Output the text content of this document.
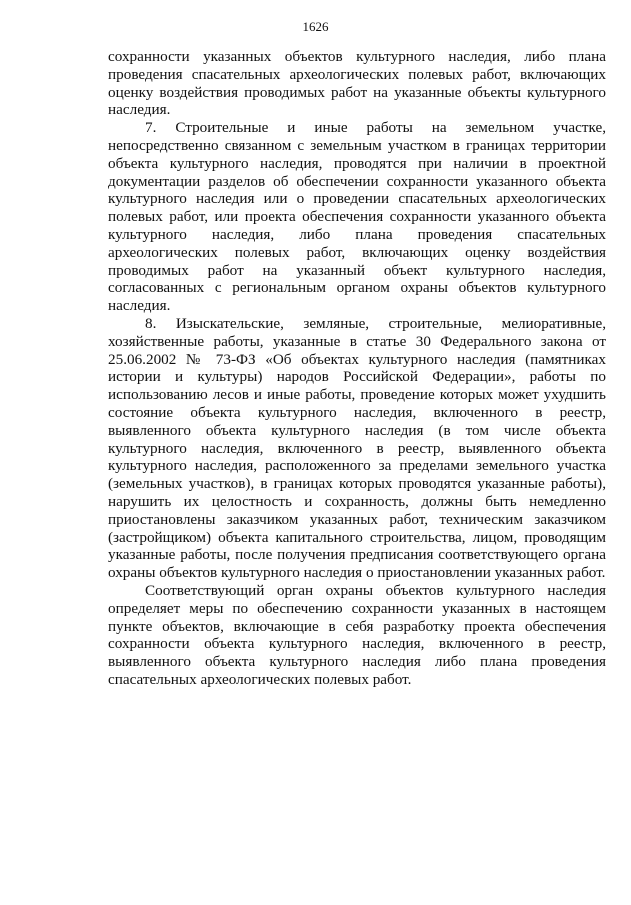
1626

сохранности указанных объектов культурного наследия, либо плана проведения спасательных археологических полевых работ, включающих оценку воздействия проводимых работ на указанные объекты культурного наследия.

7. Строительные и иные работы на земельном участке, непосредственно связанном с земельным участком в границах территории объекта культурного наследия, проводятся при наличии в проектной документации разделов об обеспечении сохранности указанного объекта культурного наследия или о проведении спасательных археологических полевых работ, или проекта обеспечения сохранности указанного объекта культурного наследия, либо плана проведения спасательных археологических полевых работ, включающих оценку воздействия проводимых работ на указанный объект культурного наследия, согласованных с региональным органом охраны объектов культурного наследия.

8. Изыскательские, земляные, строительные, мелиоративные, хозяйственные работы, указанные в статье 30 Федерального закона от 25.06.2002 № 73-ФЗ «Об объектах культурного наследия (памятниках истории и культуры) народов Российской Федерации», работы по использованию лесов и иные работы, проведение которых может ухудшить состояние объекта культурного наследия, включенного в реестр, выявленного объекта культурного наследия (в том числе объекта культурного наследия, включенного в реестр, выявленного объекта культурного наследия, расположенного за пределами земельного участка (земельных участков), в границах которых проводятся указанные работы), нарушить их целостность и сохранность, должны быть немедленно приостановлены заказчиком указанных работ, техническим заказчиком (застройщиком) объекта капитального строительства, лицом, проводящим указанные работы, после получения предписания соответствующего органа охраны объектов культурного наследия о приостановлении указанных работ.

Соответствующий орган охраны объектов культурного наследия определяет меры по обеспечению сохранности указанных в настоящем пункте объектов, включающие в себя разработку проекта обеспечения сохранности объекта культурного наследия, включенного в реестр, выявленного объекта культурного наследия либо плана проведения спасательных археологических полевых работ.
